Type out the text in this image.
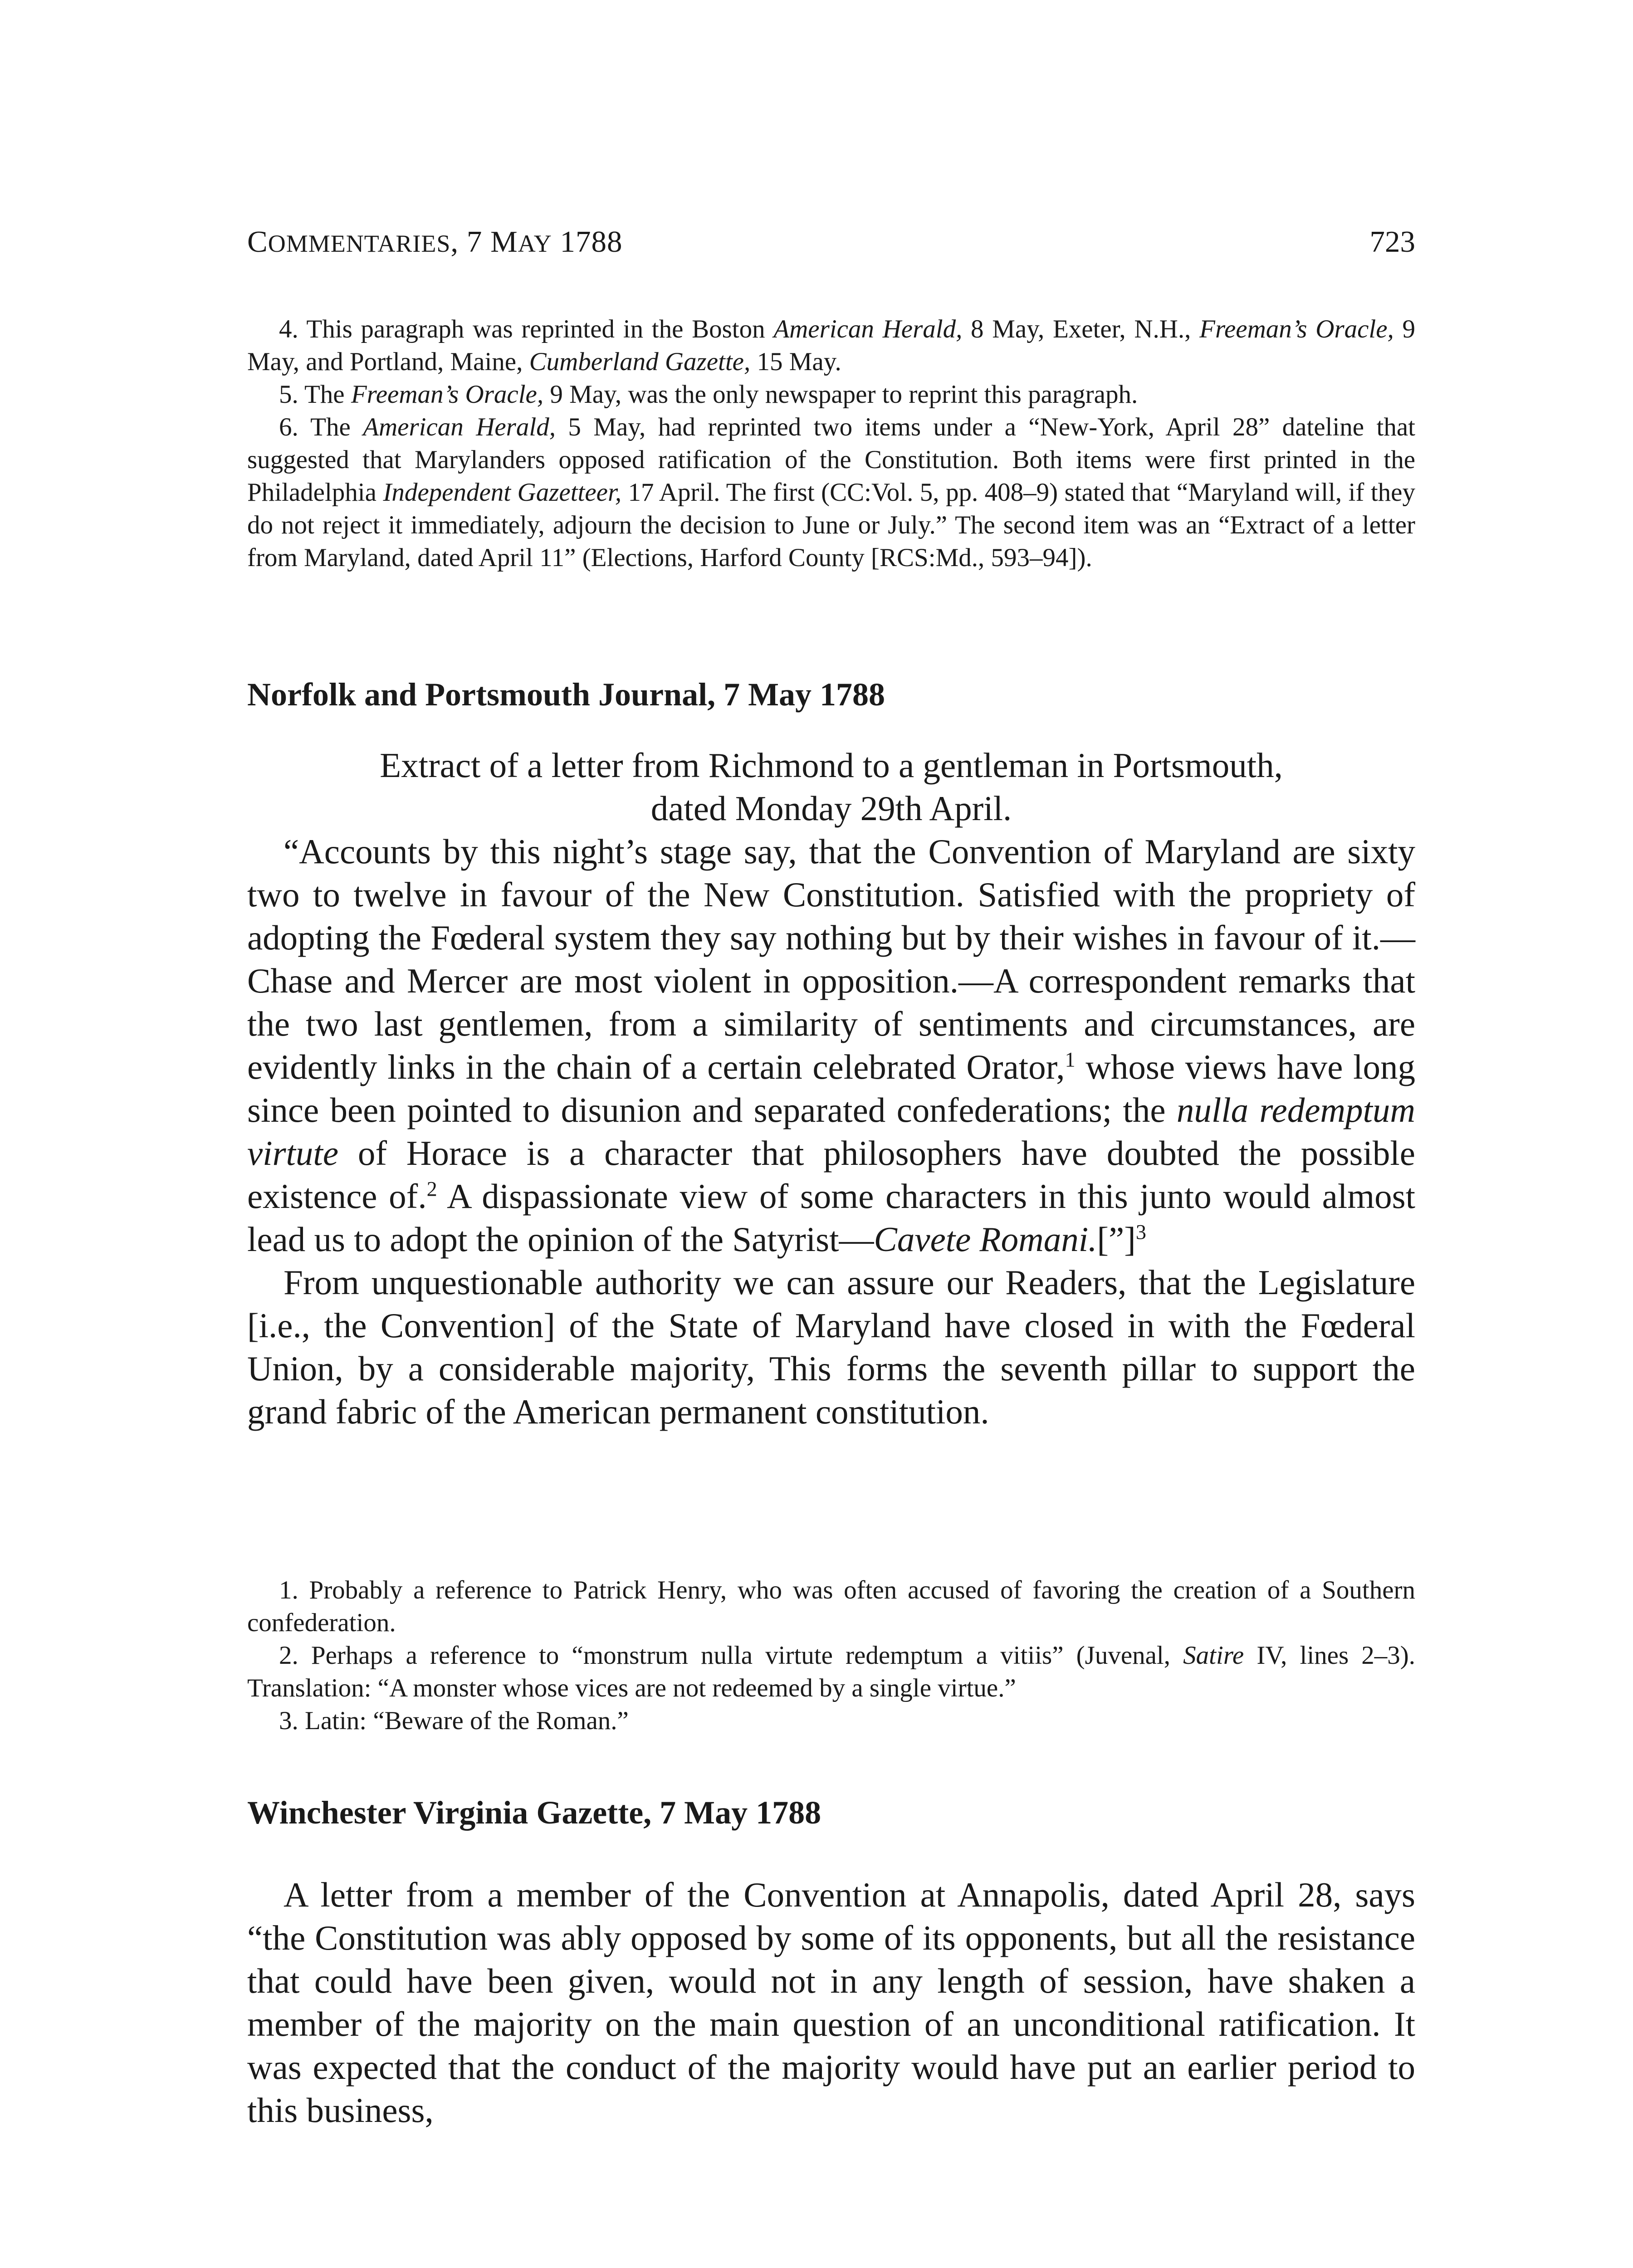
COMMENTARIES, 7 MAY 1788	723

4. This paragraph was reprinted in the Boston American Herald, 8 May, Exeter, N.H., Freeman’s Oracle, 9 May, and Portland, Maine, Cumberland Gazette, 15 May.

5. The Freeman’s Oracle, 9 May, was the only newspaper to reprint this paragraph.

6. The American Herald, 5 May, had reprinted two items under a “New-York, April 28” dateline that suggested that Marylanders opposed ratification of the Constitution. Both items were first printed in the Philadelphia Independent Gazetteer, 17 April. The first (CC:Vol. 5, pp. 408–9) stated that “Maryland will, if they do not reject it immediately, adjourn the decision to June or July.” The second item was an “Extract of a letter from Maryland, dated April 11” (Elections, Harford County [RCS:Md., 593–94]).

Norfolk and Portsmouth Journal, 7 May 1788
Extract of a letter from Richmond to a gentleman in Portsmouth,
dated Monday 29th April.

“Accounts by this night’s stage say, that the Convention of Maryland are sixty two to twelve in favour of the New Constitution. Satisfied with the propriety of adopting the Fœderal system they say nothing but by their wishes in favour of it.—Chase and Mercer are most violent in opposition.—A correspondent remarks that the two last gentlemen, from a similarity of sentiments and circumstances, are evidently links in the chain of a certain celebrated Orator,$^1$ whose views have long since been pointed to disunion and separated confederations; the nulla redemptum virtute of Horace is a character that philosophers have doubted the possible existence of.$^2$ A dispassionate view of some characters in this junto would almost lead us to adopt the opinion of the Satyrist—Cavete Romani.[”]$^3$

From unquestionable authority we can assure our Readers, that the Legislature [i.e., the Convention] of the State of Maryland have closed in with the Fœderal Union, by a considerable majority, This forms the seventh pillar to support the grand fabric of the American permanent constitution.

1. Probably a reference to Patrick Henry, who was often accused of favoring the creation of a Southern confederation.

2. Perhaps a reference to “monstrum nulla virtute redemptum a vitiis” (Juvenal, Satire IV, lines 2–3). Translation: “A monster whose vices are not redeemed by a single virtue.”

3. Latin: “Beware of the Roman.”

Winchester Virginia Gazette, 7 May 1788

A letter from a member of the Convention at Annapolis, dated April 28, says “the Constitution was ably opposed by some of its opponents, but all the resistance that could have been given, would not in any length of session, have shaken a member of the majority on the main question of an unconditional ratification. It was expected that the conduct of the majority would have put an earlier period to this business,
